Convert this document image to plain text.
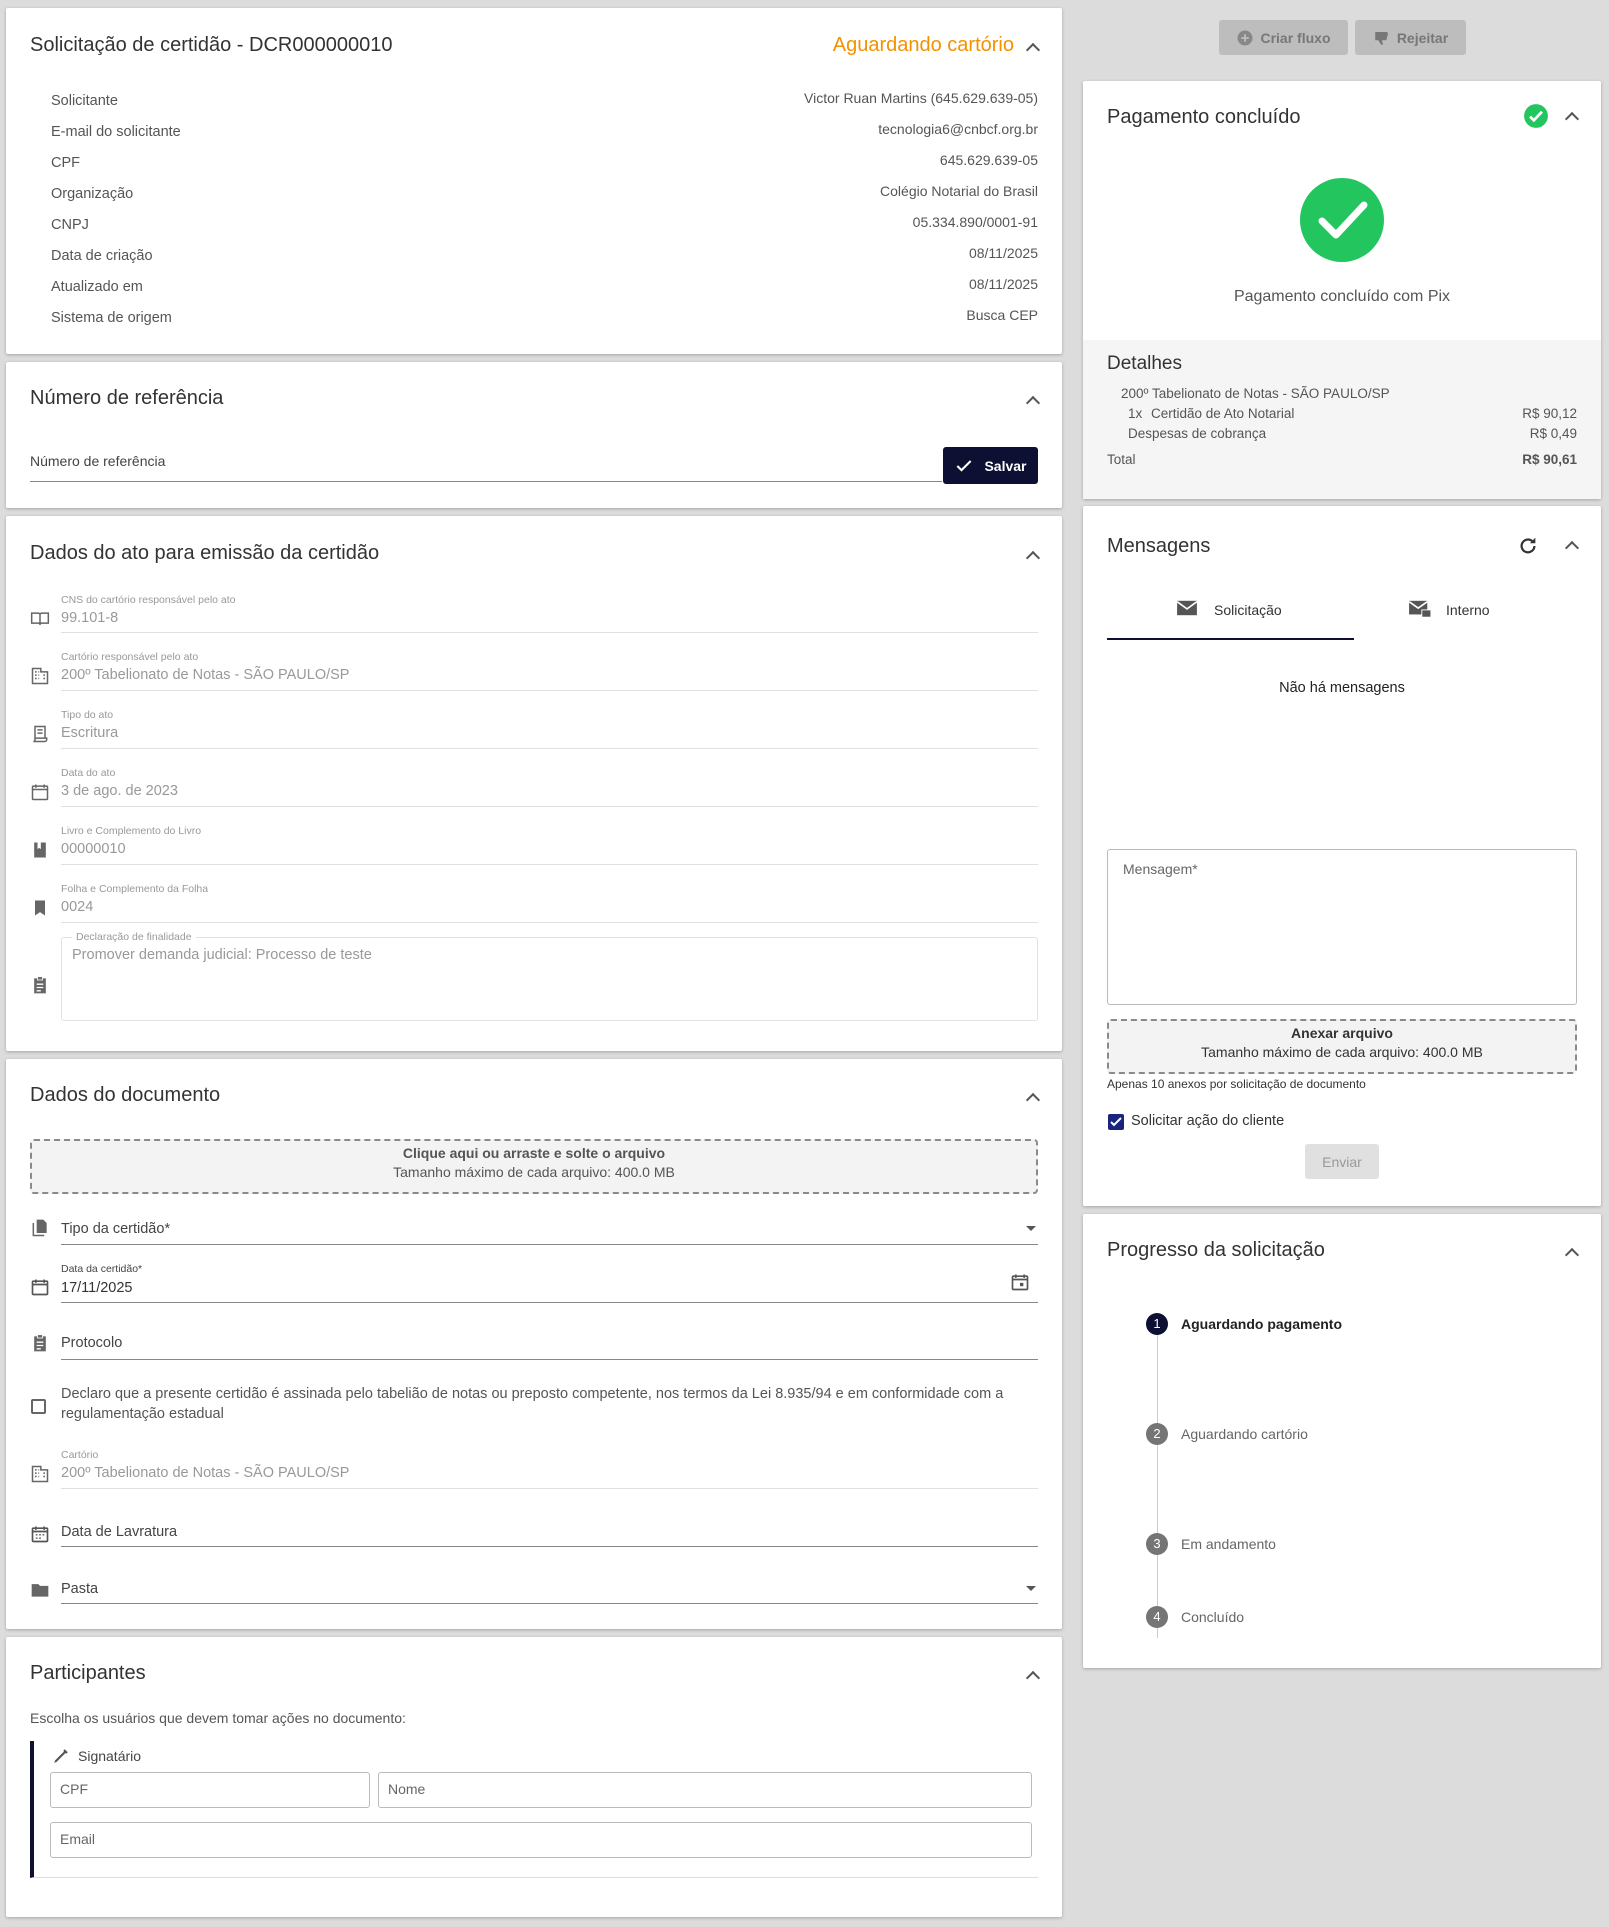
Solicitação de certidão - DCR000000010	Aguardando cartório
Solicitante	Victor Ruan Martins (645.629.639-05)
E-mail do solicitante	tecnologia6@cnbcf.org.br
CPF	645.629.639-05
Organização	Colégio Notarial do Brasil
CNPJ	05.334.890/0001-91
Data de criação	08/11/2025
Atualizado em	08/11/2025
Sistema de origem	Busca CEP
Número de referência
Número de referência	Salvar
Dados do ato para emissão da certidão
CNS do cartório responsável pelo ato
99.101-8
Cartório responsável pelo ato
200º Tabelionato de Notas - SÃO PAULO/SP
Tipo do ato
Escritura
Data do ato
3 de ago. de 2023
Livro e Complemento do Livro
00000010
Folha e Complemento da Folha
0024
Declaração de finalidade
Promover demanda judicial: Processo de teste
Dados do documento
Clique aqui ou arraste e solte o arquivo
Tamanho máximo de cada arquivo: 400.0 MB
Tipo da certidão*
Data da certidão*
17/11/2025
Protocolo
Declaro que a presente certidão é assinada pelo tabelião de notas ou preposto competente, nos termos da Lei 8.935/94 e em conformidade com a regulamentação estadual
Cartório
200º Tabelionato de Notas - SÃO PAULO/SP
Data de Lavratura
Pasta
Participantes
Escolha os usuários que devem tomar ações no documento:
Signatário
CPF	Nome
Email
Criar fluxo	Rejeitar
Pagamento concluído
Pagamento concluído com Pix
Detalhes
200º Tabelionato de Notas - SÃO PAULO/SP
1x Certidão de Ato Notarial	R$ 90,12
Despesas de cobrança	R$ 0,49
Total	R$ 90,61
Mensagens
Solicitação	Interno
Não há mensagens
Mensagem*
Anexar arquivo
Tamanho máximo de cada arquivo: 400.0 MB
Apenas 10 anexos por solicitação de documento
Solicitar ação do cliente
Enviar
Progresso da solicitação
1	Aguardando pagamento
2	Aguardando cartório
3	Em andamento
4	Concluído
